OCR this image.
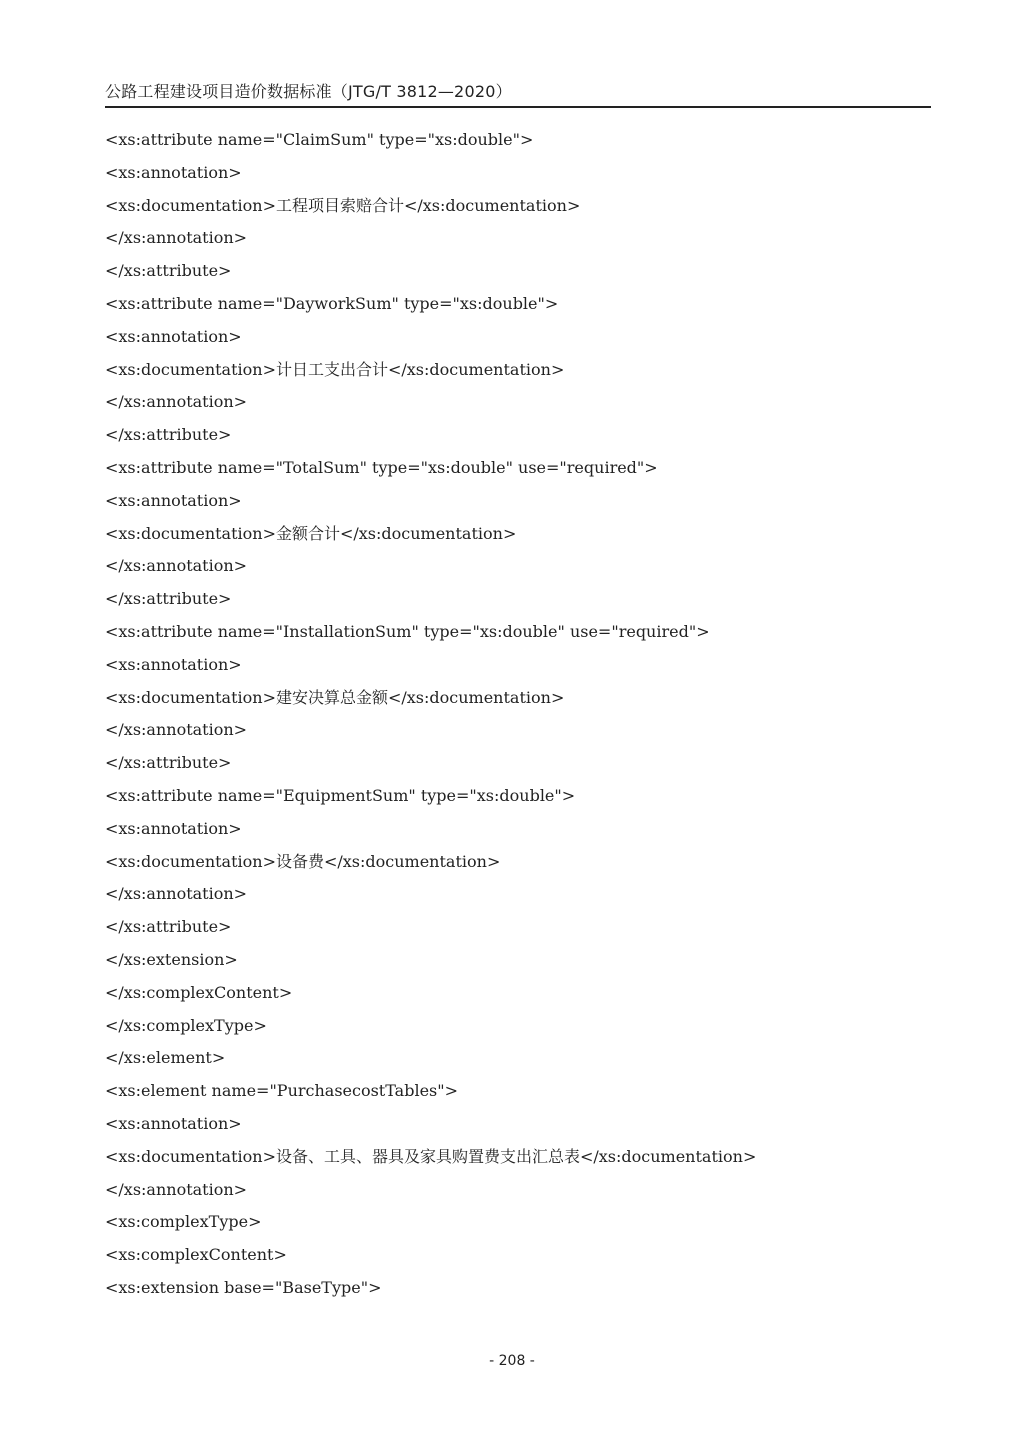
公路工程建设项目造价数据标准（JTG/T 3812—2020）
<xs:attribute name="ClaimSum" type="xs:double">
<xs:annotation>
<xs:documentation>工程项目索赔合计</xs:documentation>
</xs:annotation>
</xs:attribute>
<xs:attribute name="DayworkSum" type="xs:double">
<xs:annotation>
<xs:documentation>计日工支出合计</xs:documentation>
</xs:annotation>
</xs:attribute>
<xs:attribute name="TotalSum" type="xs:double" use="required">
<xs:annotation>
<xs:documentation>金额合计</xs:documentation>
</xs:annotation>
</xs:attribute>
<xs:attribute name="InstallationSum" type="xs:double" use="required">
<xs:annotation>
<xs:documentation>建安决算总金额</xs:documentation>
</xs:annotation>
</xs:attribute>
<xs:attribute name="EquipmentSum" type="xs:double">
<xs:annotation>
<xs:documentation>设备费</xs:documentation>
</xs:annotation>
</xs:attribute>
</xs:extension>
</xs:complexContent>
</xs:complexType>
</xs:element>
<xs:element name="PurchasecostTables">
<xs:annotation>
<xs:documentation>设备、工具、器具及家具购置费支出汇总表</xs:documentation>
</xs:annotation>
<xs:complexType>
<xs:complexContent>
<xs:extension base="BaseType">
- 208 -
